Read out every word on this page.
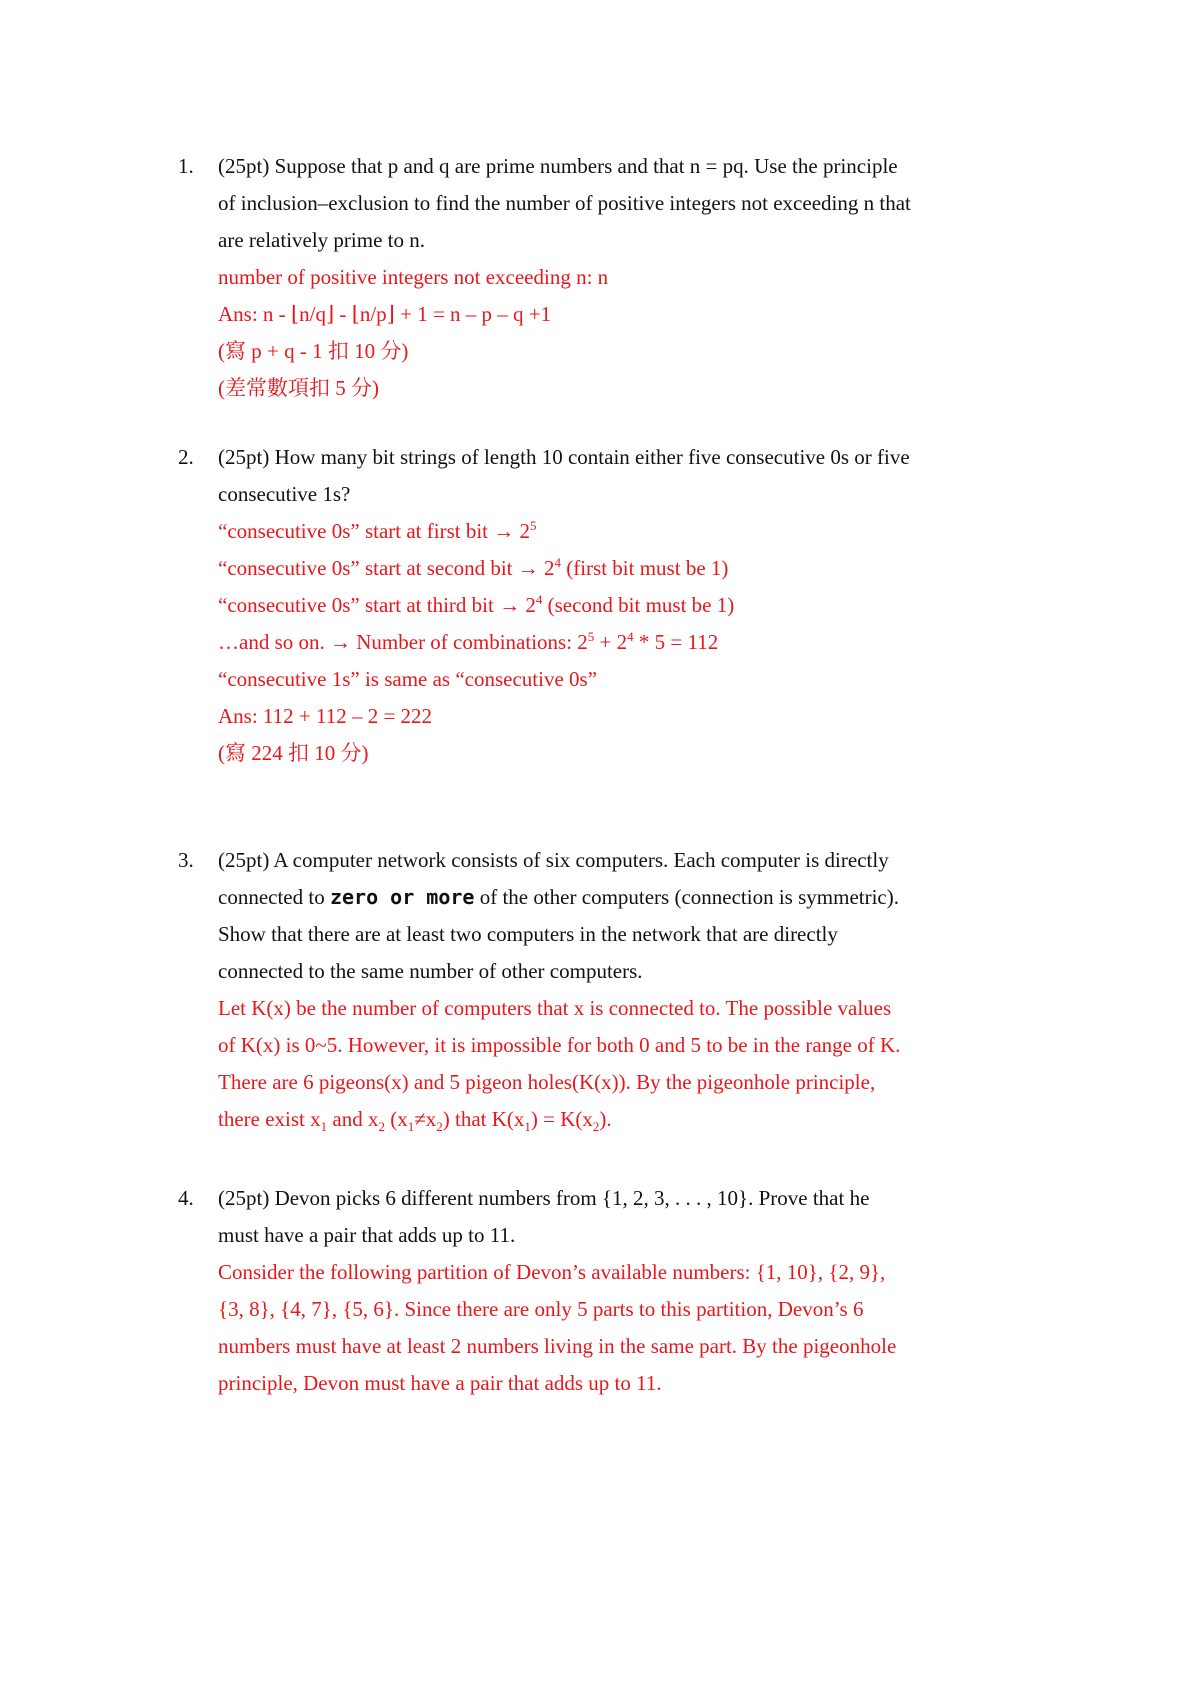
1.	(25pt) Suppose that p and q are prime numbers and that n = pq. Use the principle
of inclusion–exclusion to find the number of positive integers not exceeding n that
are relatively prime to n.
number of positive integers not exceeding n: n
Ans: n - ⌊n/q⌋ - ⌊n/p⌋ + 1 = n – p – q +1
(寫 p + q - 1 扣 10 分)
(差常數項扣 5 分)
2.	(25pt) How many bit strings of length 10 contain either five consecutive 0s or five
consecutive 1s?
“consecutive 0s” start at first bit → $2^5$
“consecutive 0s” start at second bit → $2^4$ (first bit must be 1)
“consecutive 0s” start at third bit → $2^4$ (second bit must be 1)
…and so on. → Number of combinations: $2^5 + 2^4 * 5 = 112$
“consecutive 1s” is same as “consecutive 0s”
Ans: 112 + 112 – 2 = 222
(寫 224 扣 10 分)
3.	(25pt) A computer network consists of six computers. Each computer is directly
connected to zero or more of the other computers (connection is symmetric).
Show that there are at least two computers in the network that are directly
connected to the same number of other computers.
Let K(x) be the number of computers that x is connected to. The possible values
of K(x) is 0~5. However, it is impossible for both 0 and 5 to be in the range of K.
There are 6 pigeons(x) and 5 pigeon holes(K(x)). By the pigeonhole principle,
there exist $x_1$ and $x_2$ $(x_1\ne x_2)$ that $K(x_1) = K(x_2)$.
4.	(25pt) Devon picks 6 different numbers from {1, 2, 3, . . . , 10}. Prove that he
must have a pair that adds up to 11.
Consider the following partition of Devon’s available numbers: {1, 10}, {2, 9},
{3, 8}, {4, 7}, {5, 6}. Since there are only 5 parts to this partition, Devon’s 6
numbers must have at least 2 numbers living in the same part. By the pigeonhole
principle, Devon must have a pair that adds up to 11.
